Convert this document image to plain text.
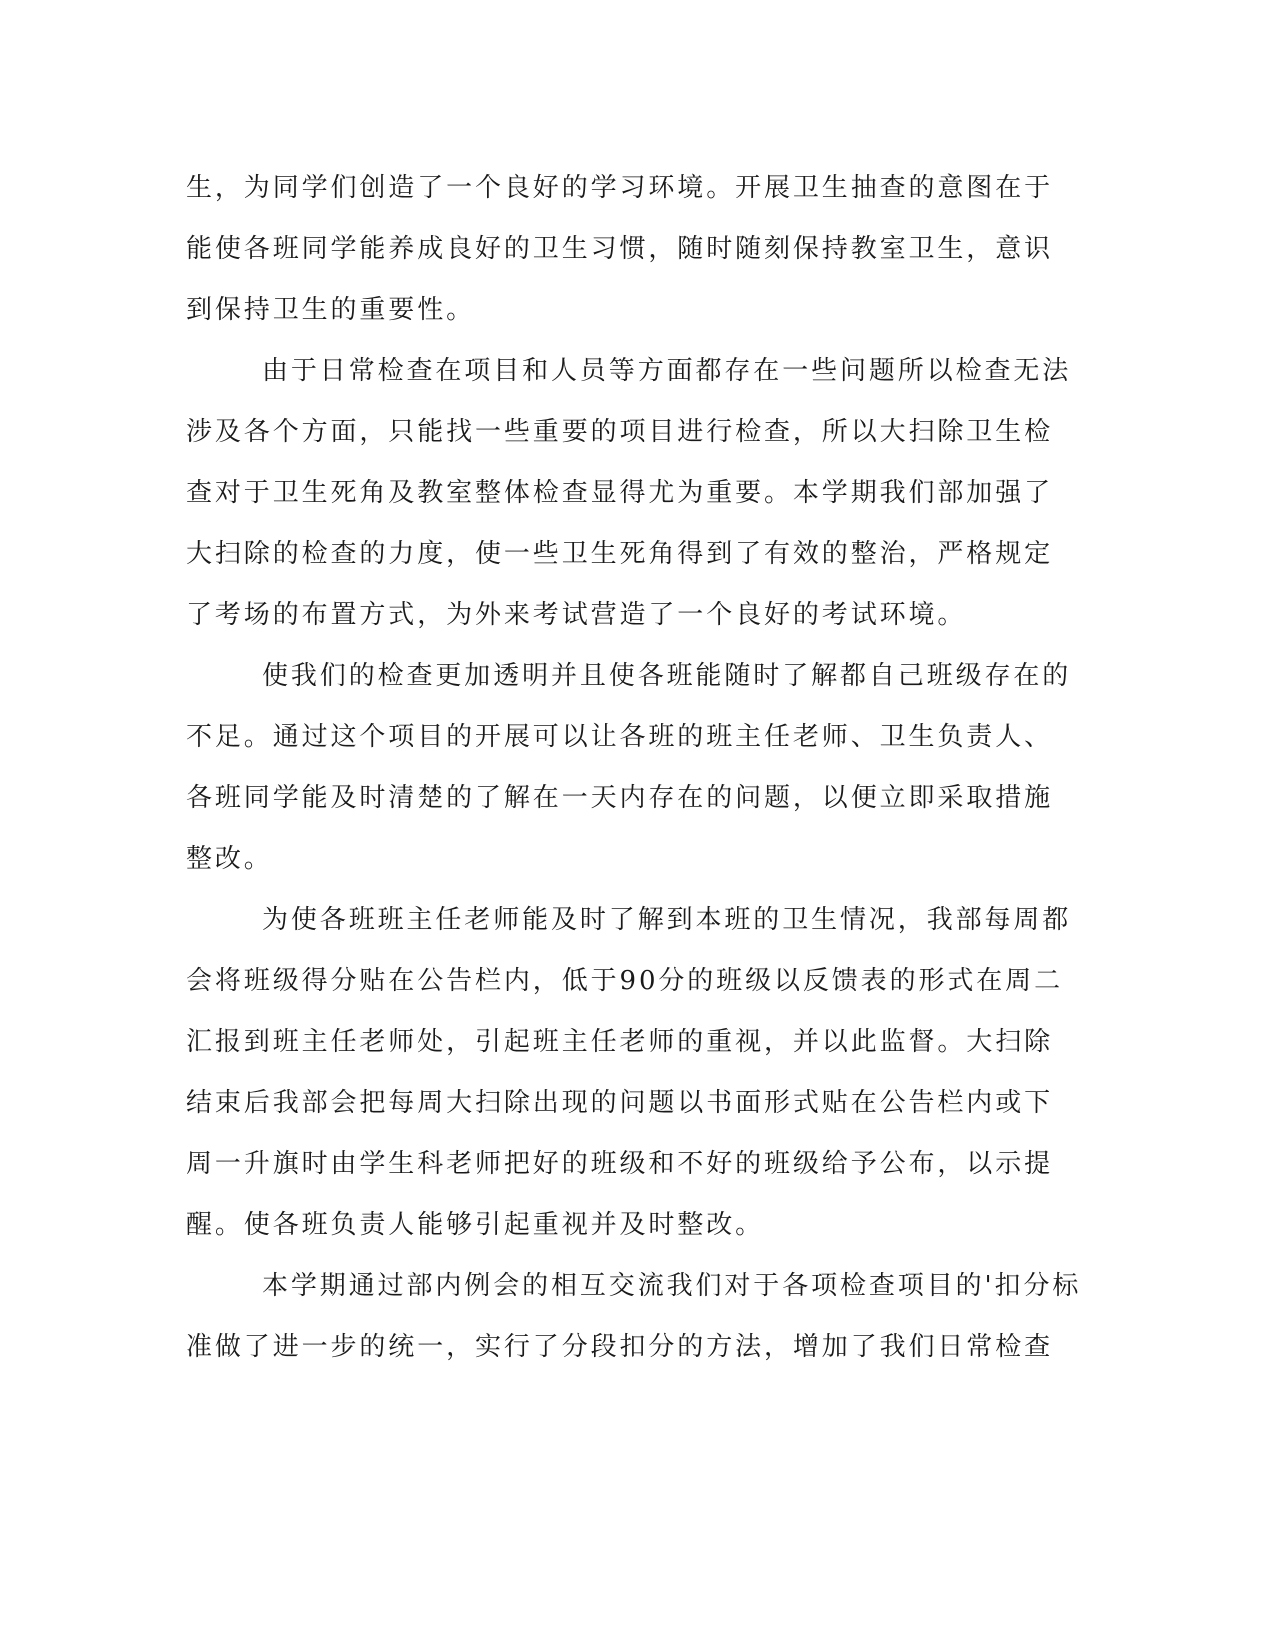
生，为同学们创造了一个良好的学习环境。开展卫生抽查的意图在于
能使各班同学能养成良好的卫生习惯，随时随刻保持教室卫生，意识
到保持卫生的重要性。
由于日常检查在项目和人员等方面都存在一些问题所以检查无法
涉及各个方面，只能找一些重要的项目进行检查，所以大扫除卫生检
查对于卫生死角及教室整体检查显得尤为重要。本学期我们部加强了
大扫除的检查的力度，使一些卫生死角得到了有效的整治，严格规定
了考场的布置方式，为外来考试营造了一个良好的考试环境。
使我们的检查更加透明并且使各班能随时了解都自己班级存在的
不足。通过这个项目的开展可以让各班的班主任老师、卫生负责人、
各班同学能及时清楚的了解在一天内存在的问题，以便立即采取措施
整改。
为使各班班主任老师能及时了解到本班的卫生情况，我部每周都
会将班级得分贴在公告栏内，低于90分的班级以反馈表的形式在周二
汇报到班主任老师处，引起班主任老师的重视，并以此监督。大扫除
结束后我部会把每周大扫除出现的问题以书面形式贴在公告栏内或下
周一升旗时由学生科老师把好的班级和不好的班级给予公布，以示提
醒。使各班负责人能够引起重视并及时整改。
本学期通过部内例会的相互交流我们对于各项检查项目的'扣分标
准做了进一步的统一，实行了分段扣分的方法，增加了我们日常检查
